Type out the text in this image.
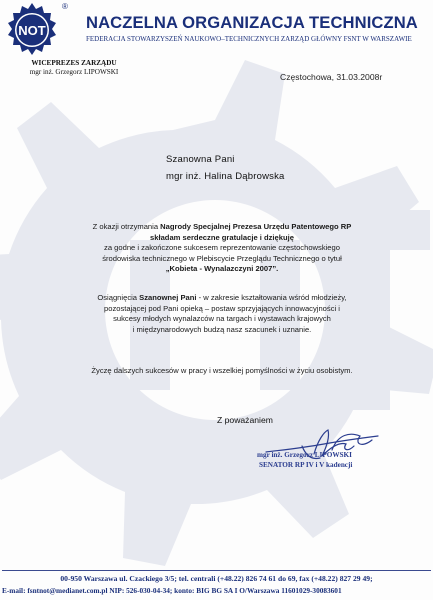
NOT
®
NACZELNA ORGANIZACJA TECHNICZNA
FEDERACJA STOWARZYSZEŃ NAUKOWO–TECHNICZNYCH ZARZĄD GŁÓWNY FSNT W WARSZAWIE
WICEPREZES ZARZĄDU
mgr inż. Grzegorz LIPOWSKI	Częstochowa, 31.03.2008r
Szanowna Pani
mgr inż. Halina Dąbrowska
Z okazji otrzymania Nagrody Specjalnej Prezesa Urzędu Patentowego RP
składam serdeczne gratulacje i dziękuję
za godne i zakończone sukcesem reprezentowanie częstochowskiego
środowiska technicznego w Plebiscycie Przeglądu Technicznego o tytuł
„Kobieta - Wynalazczyni 2007”.
Osiągnięcia Szanownej Pani - w zakresie kształtowania wśród młodzieży,
pozostającej pod Pani opieką – postaw sprzyjających innowacyjności i
sukcesy młodych wynalazców na targach i wystawach krajowych
i międzynarodowych budzą nasz szacunek i uznanie.
Życzę dalszych sukcesów w pracy i wszelkiej pomyślności w życiu osobistym.
Z poważaniem
mgr inż. Grzegorz LIPOWSKI
SENATOR RP IV i V kadencji
00-950 Warszawa ul. Czackiego 3/5; tel. centrali (+48.22) 826 74 61 do 69, fax (+48.22) 827 29 49;
E-mail: fsntnot@medianet.com.pl NIP: 526-030-04-34; konto: BIG BG SA I O/Warszawa 11601029-30083601
